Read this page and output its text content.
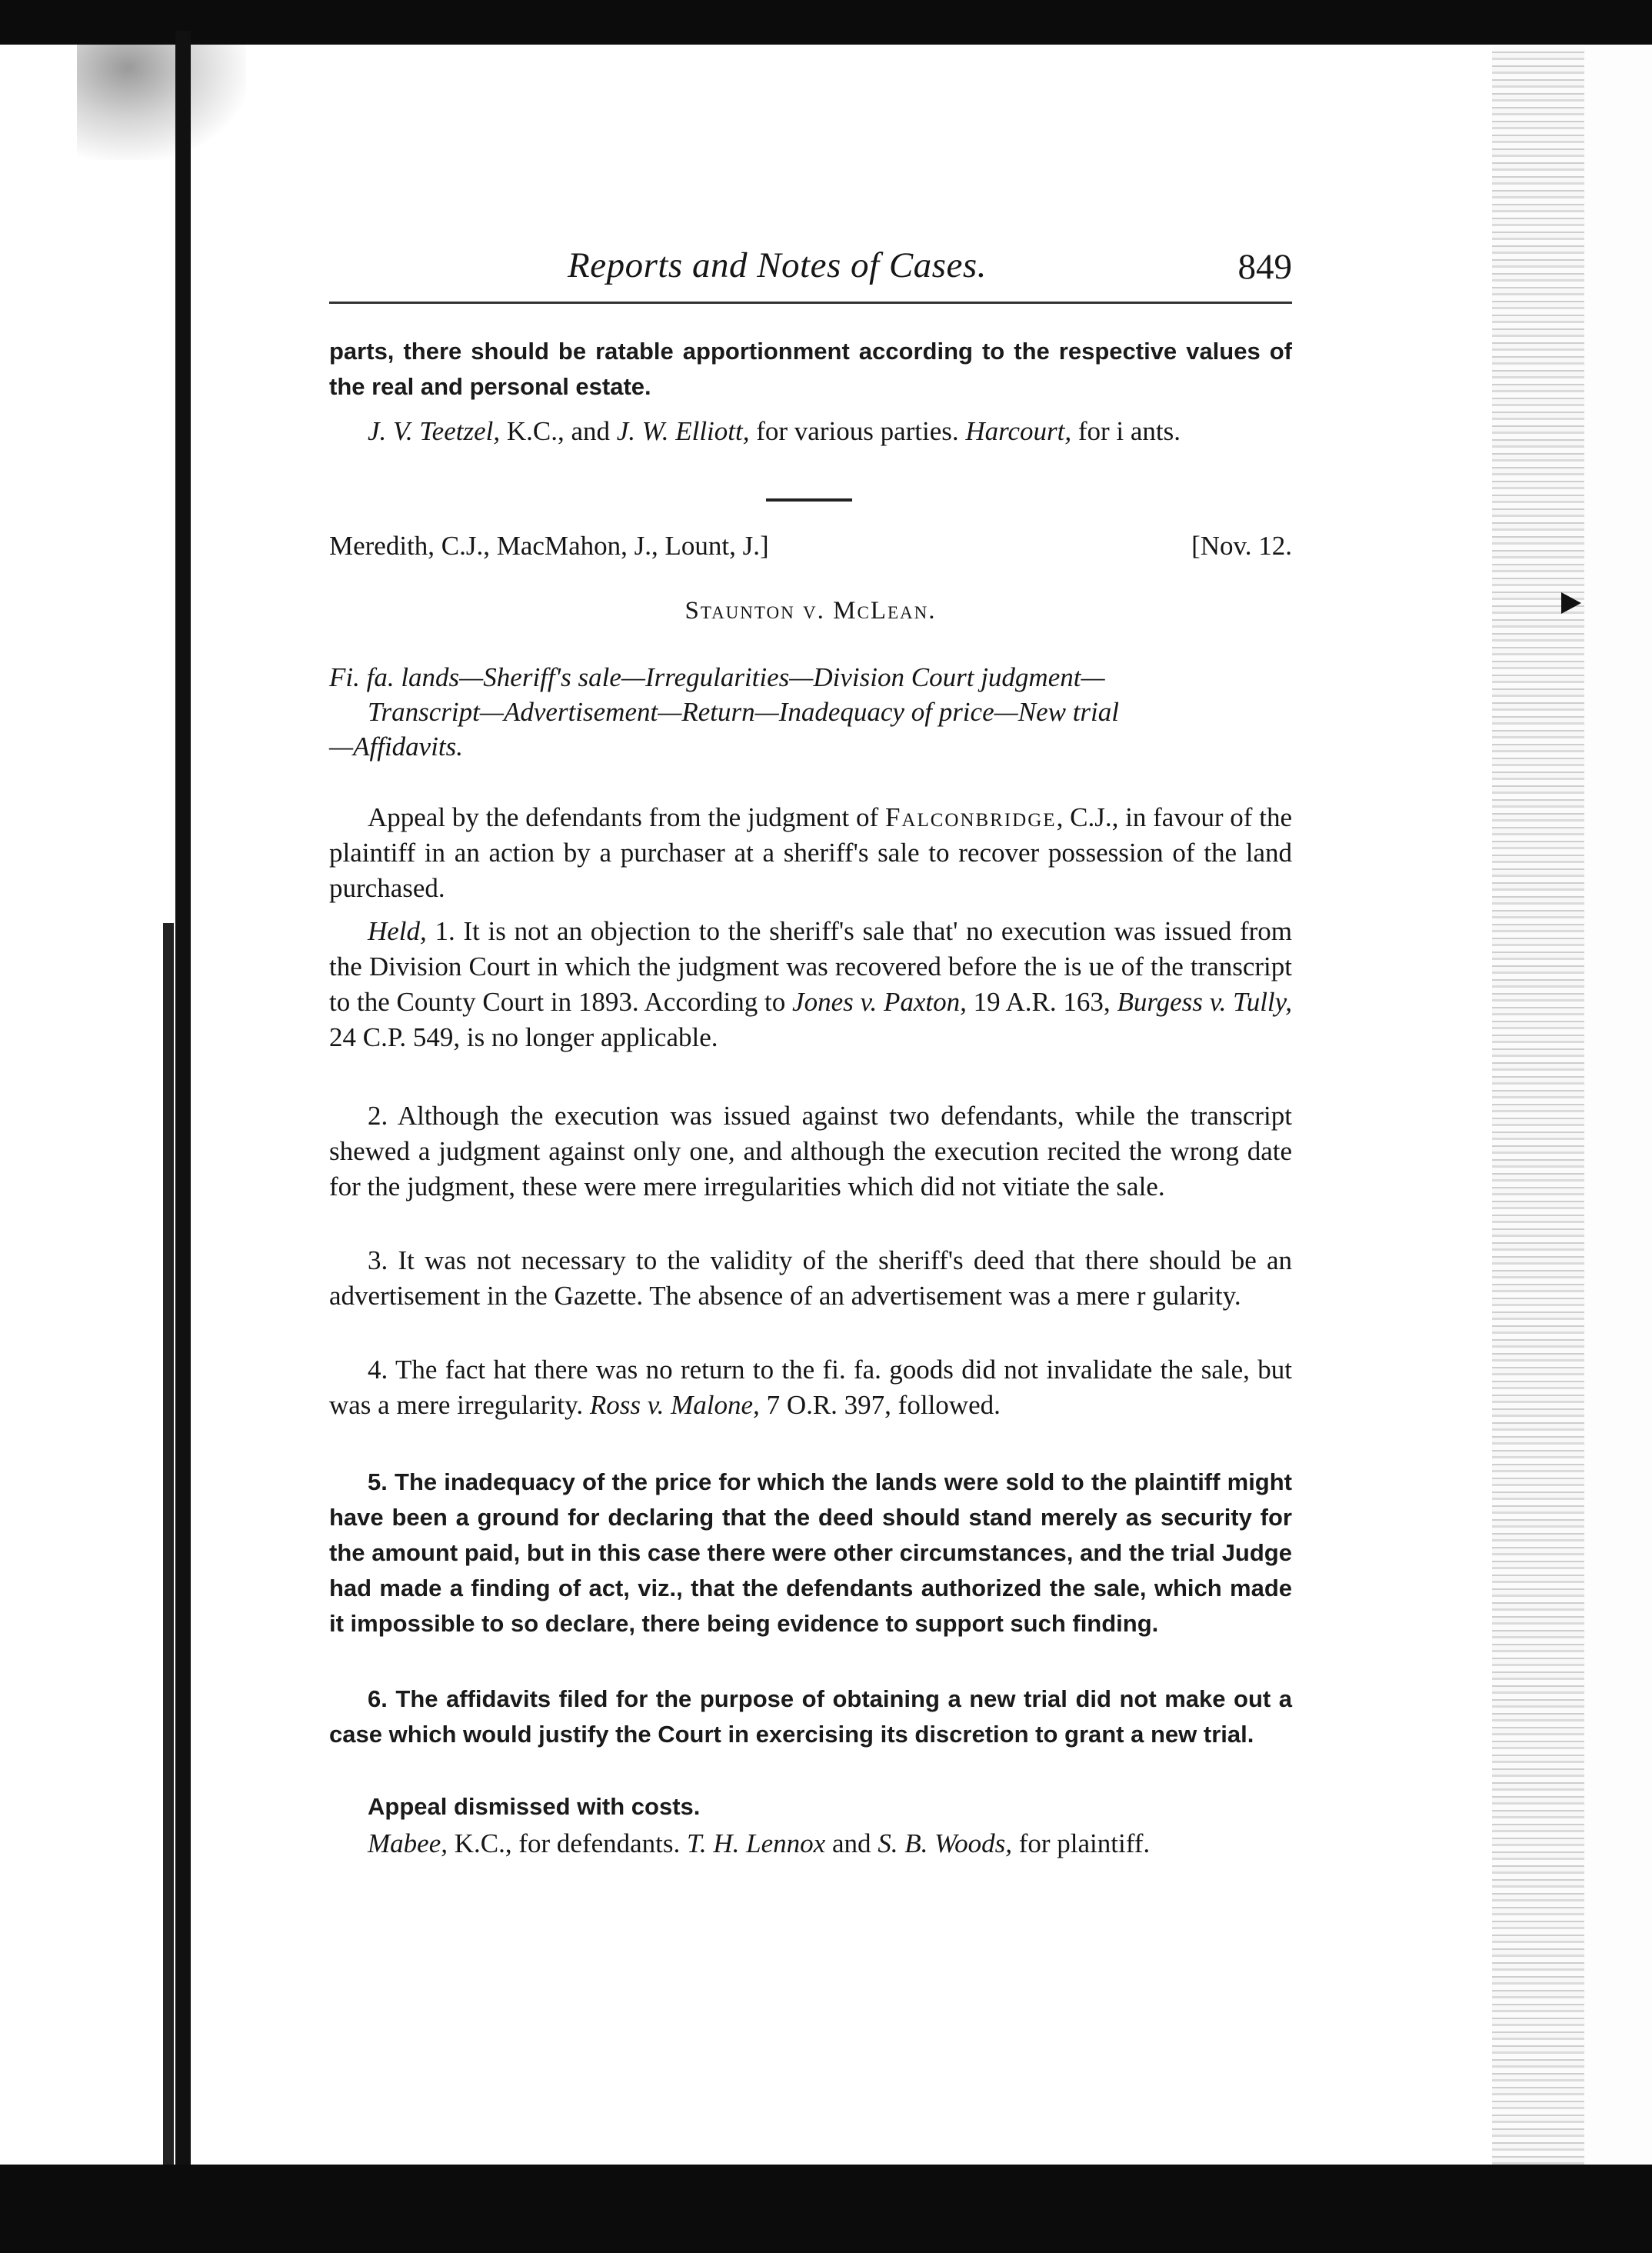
Reports and Notes of Cases.	849

parts, there should be ratable apportionment according to the respective values of the real and personal estate.

J. V. Teetzel, K.C., and J. W. Elliott, for various parties. Harcourt, for i ants.

Meredith, C.J., MacMahon, J., Lount, J.]	[Nov. 12.
Staunton v. McLean.
Fi. fa. lands—Sheriff's sale—Irregularities—Division Court judgment—
Transcript—Advertisement—Return—Inadequacy of price—New trial
—Affidavits.

Appeal by the defendants from the judgment of Falconbridge, C.J., in favour of the plaintiff in an action by a purchaser at a sheriff's sale to recover possession of the land purchased.

Held, 1. It is not an objection to the sheriff's sale that' no execution was issued from the Division Court in which the judgment was recovered before the is ue of the transcript to the County Court in 1893. According to Jones v. Paxton, 19 A.R. 163, Burgess v. Tully, 24 C.P. 549, is no longer applicable.

2. Although the execution was issued against two defendants, while the transcript shewed a judgment against only one, and although the execution recited the wrong date for the judgment, these were mere irregularities which did not vitiate the sale.

3. It was not necessary to the validity of the sheriff's deed that there should be an advertisement in the Gazette. The absence of an advertisement was a mere r gularity.

4. The fact hat there was no return to the fi. fa. goods did not invalidate the sale, but was a mere irregularity. Ross v. Malone, 7 O.R. 397, followed.

5. The inadequacy of the price for which the lands were sold to the plaintiff might have been a ground for declaring that the deed should stand merely as security for the amount paid, but in this case there were other circumstances, and the trial Judge had made a finding of act, viz., that the defendants authorized the sale, which made it impossible to so declare, there being evidence to support such finding.

6. The affidavits filed for the purpose of obtaining a new trial did not make out a case which would justify the Court in exercising its discretion to grant a new trial.

Appeal dismissed with costs.

Mabee, K.C., for defendants. T. H. Lennox and S. B. Woods, for plaintiff.
